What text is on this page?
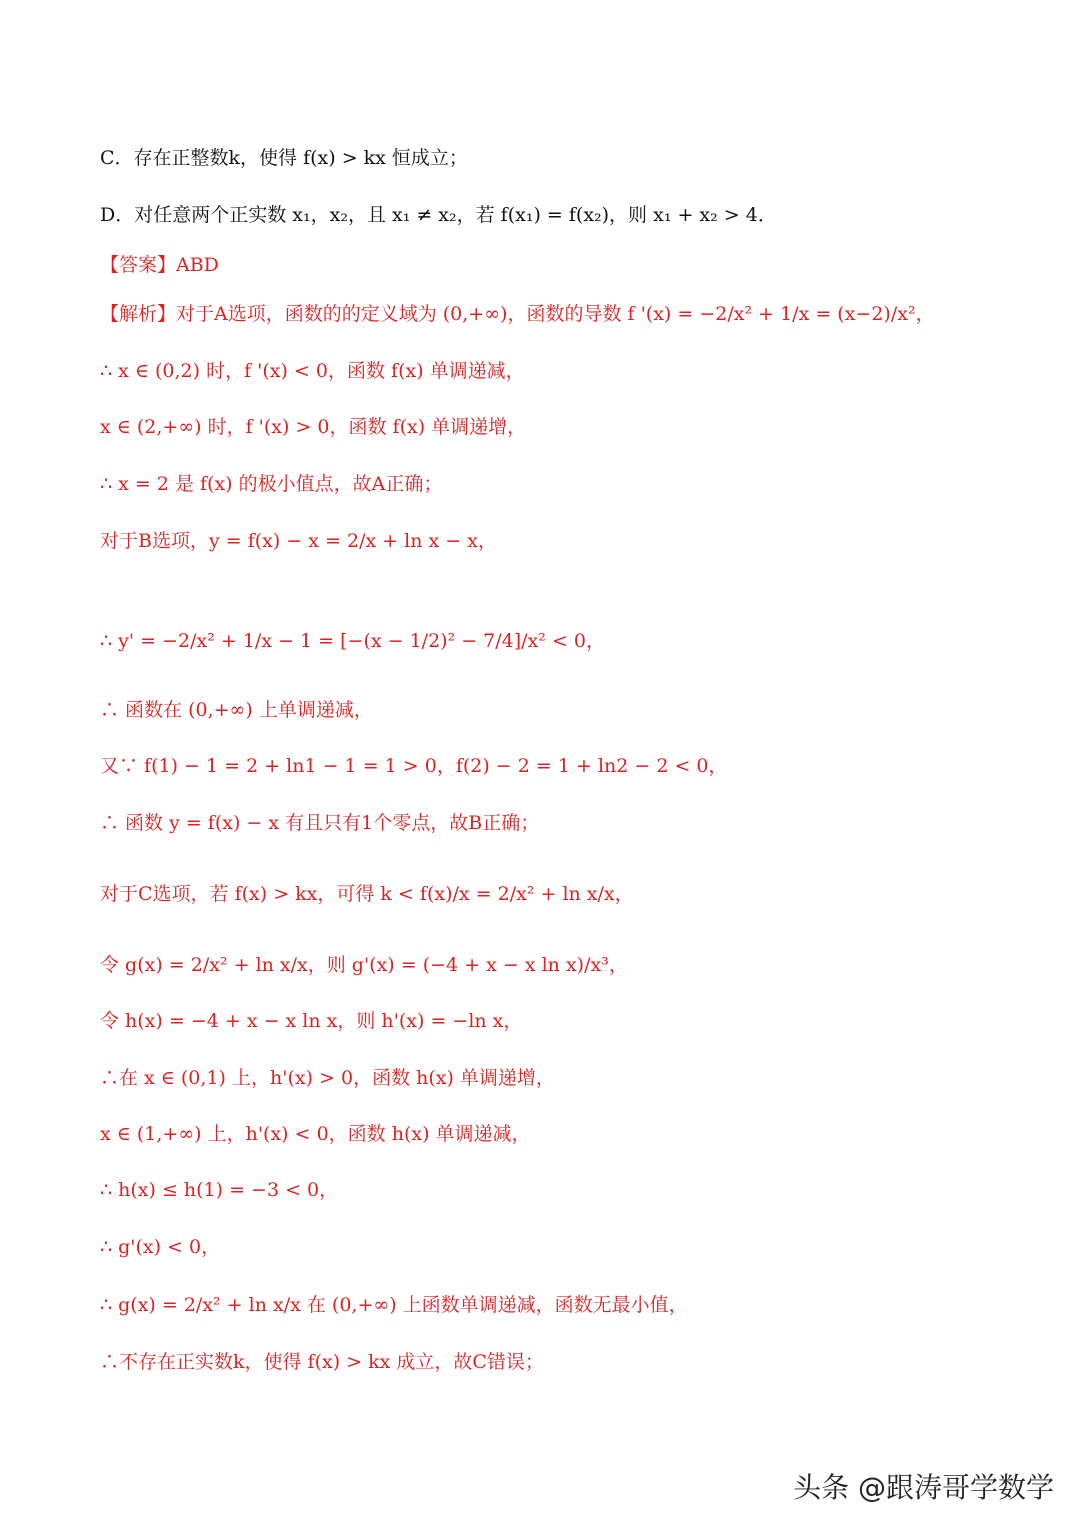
C．存在正整数k，使得 f(x) > kx 恒成立；
D．对任意两个正实数 x₁，x₂，且 x₁ ≠ x₂，若 f(x₁) = f(x₂)，则 x₁ + x₂ > 4．
【答案】ABD
【解析】对于A选项，函数的的定义域为 (0,+∞)，函数的导数 f '(x) = −2/x² + 1/x = (x−2)/x²，
∴ x ∈ (0,2) 时，f '(x) < 0，函数 f(x) 单调递减，
x ∈ (2,+∞) 时，f '(x) > 0，函数 f(x) 单调递增，
∴ x = 2 是 f(x) 的极小值点，故A正确；
对于B选项，y = f(x) − x = 2/x + ln x − x，
∴ y' = −2/x² + 1/x − 1 = [−(x − 1/2)² − 7/4]/x² < 0，
∴ 函数在 (0,+∞) 上单调递减，
又∵ f(1) − 1 = 2 + ln1 − 1 = 1 > 0，f(2) − 2 = 1 + ln2 − 2 < 0，
∴ 函数 y = f(x) − x 有且只有1个零点，故B正确；
对于C选项，若 f(x) > kx，可得 k < f(x)/x = 2/x² + ln x/x，
令 g(x) = 2/x² + ln x/x，则 g'(x) = (−4 + x − x ln x)/x³，
令 h(x) = −4 + x − x ln x，则 h'(x) = −ln x，
∴在 x ∈ (0,1) 上，h'(x) > 0，函数 h(x) 单调递增，
x ∈ (1,+∞) 上，h'(x) < 0，函数 h(x) 单调递减，
∴ h(x) ≤ h(1) = −3 < 0，
∴ g'(x) < 0，
∴ g(x) = 2/x² + ln x/x 在 (0,+∞) 上函数单调递减，函数无最小值，
∴不存在正实数k，使得 f(x) > kx 成立，故C错误；
头条 @跟涛哥学数学
